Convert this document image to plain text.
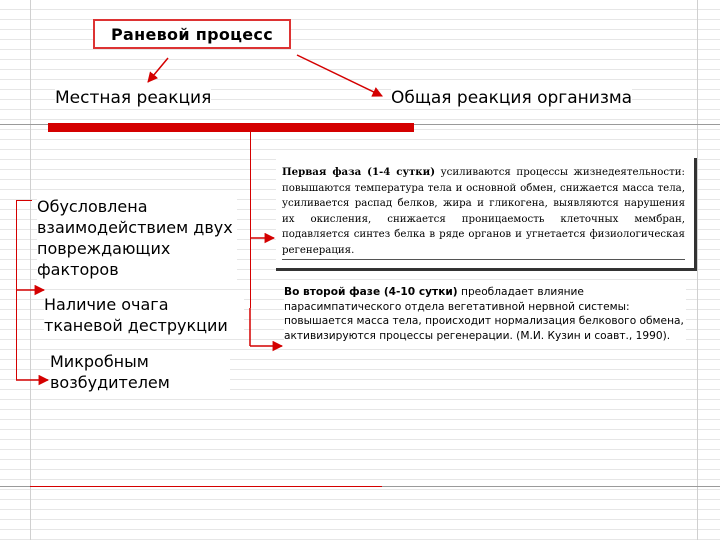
Раневой процесс
Местная реакция	Общая реакция организма
Обусловлена взаимодействием двух повреждающих факторов
Наличие очага тканевой деструкции
Микробным возбудителем
Первая фаза (1-4 сутки) усиливаются процессы жизнедеятельности: повышаются температура тела и основной обмен, снижается масса тела, усиливается распад белков, жира и гликогена, выявляются нарушения их окисления, снижается проницаемость клеточных мембран, подавляется синтез белка в ряде органов и угнетается физиологическая регенерация.
Во второй фазе (4-10 сутки) преобладает влияние парасимпатического отдела вегетативной нервной системы: повышается масса тела, происходит нормализация белкового обмена, активизируются процессы регенерации. (М.И. Кузин и соавт., 1990).
